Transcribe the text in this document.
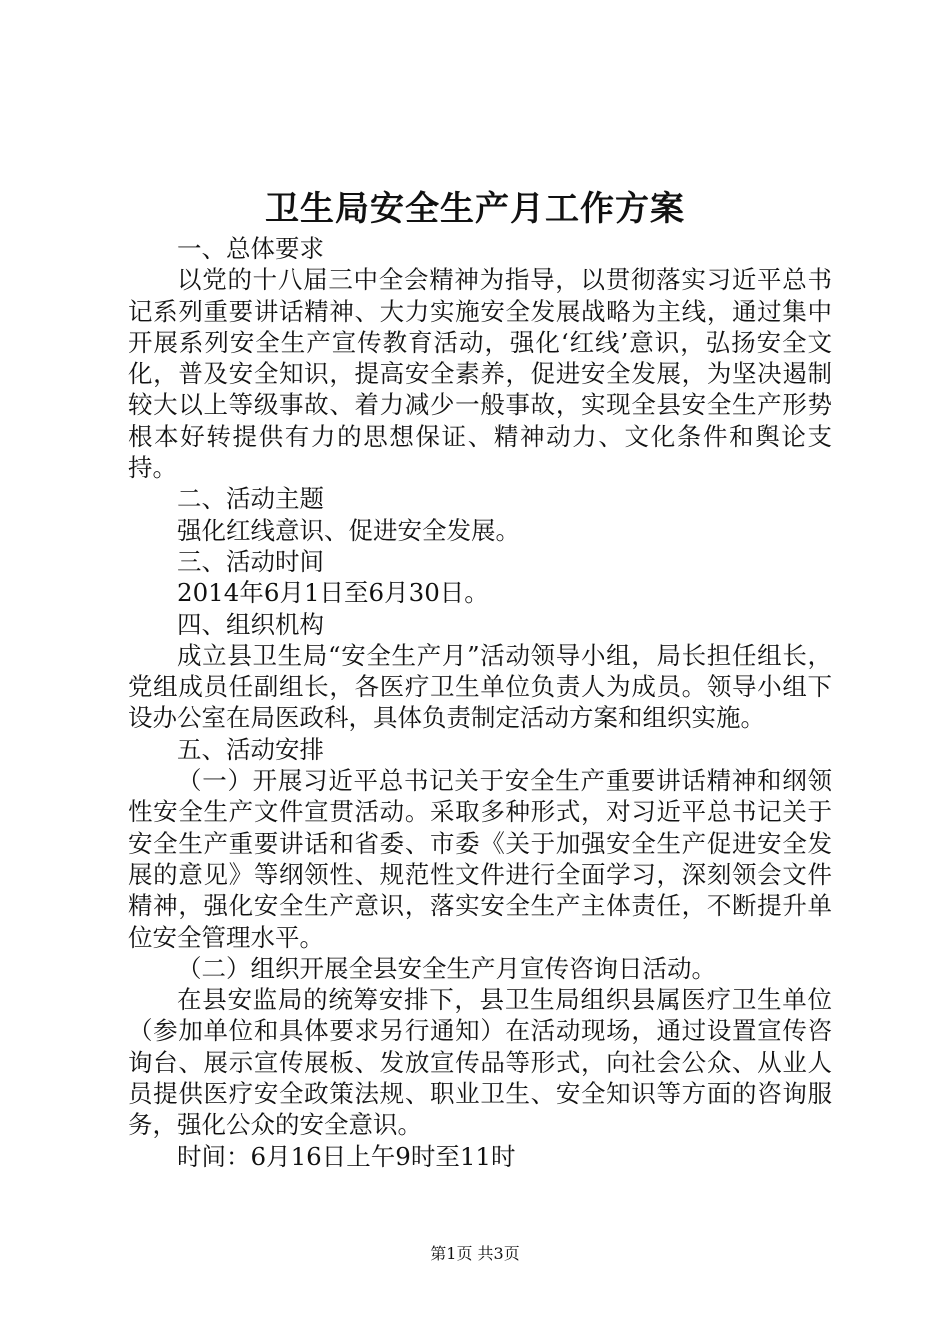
卫生局安全生产月工作方案

一、总体要求

以党的十八届三中全会精神为指导，以贯彻落实习近平总书记系列重要讲话精神、大力实施安全发展战略为主线，通过集中开展系列安全生产宣传教育活动，强化‘红线’意识，弘扬安全文化，普及安全知识，提高安全素养，促进安全发展，为坚决遏制较大以上等级事故、着力减少一般事故，实现全县安全生产形势根本好转提供有力的思想保证、精神动力、文化条件和舆论支持。

二、活动主题

强化红线意识、促进安全发展。

三、活动时间

2014年6月1日至6月30日。

四、组织机构

成立县卫生局“安全生产月”活动领导小组，局长担任组长，党组成员任副组长，各医疗卫生单位负责人为成员。领导小组下设办公室在局医政科，具体负责制定活动方案和组织实施。

五、活动安排

（一）开展习近平总书记关于安全生产重要讲话精神和纲领性安全生产文件宣贯活动。采取多种形式，对习近平总书记关于安全生产重要讲话和省委、市委《关于加强安全生产促进安全发展的意见》等纲领性、规范性文件进行全面学习，深刻领会文件精神，强化安全生产意识，落实安全生产主体责任，不断提升单位安全管理水平。

（二）组织开展全县安全生产月宣传咨询日活动。

在县安监局的统筹安排下，县卫生局组织县属医疗卫生单位（参加单位和具体要求另行通知）在活动现场，通过设置宣传咨询台、展示宣传展板、发放宣传品等形式，向社会公众、从业人员提供医疗安全政策法规、职业卫生、安全知识等方面的咨询服务，强化公众的安全意识。

时间：6月16日上午9时至11时

第1页 共3页
